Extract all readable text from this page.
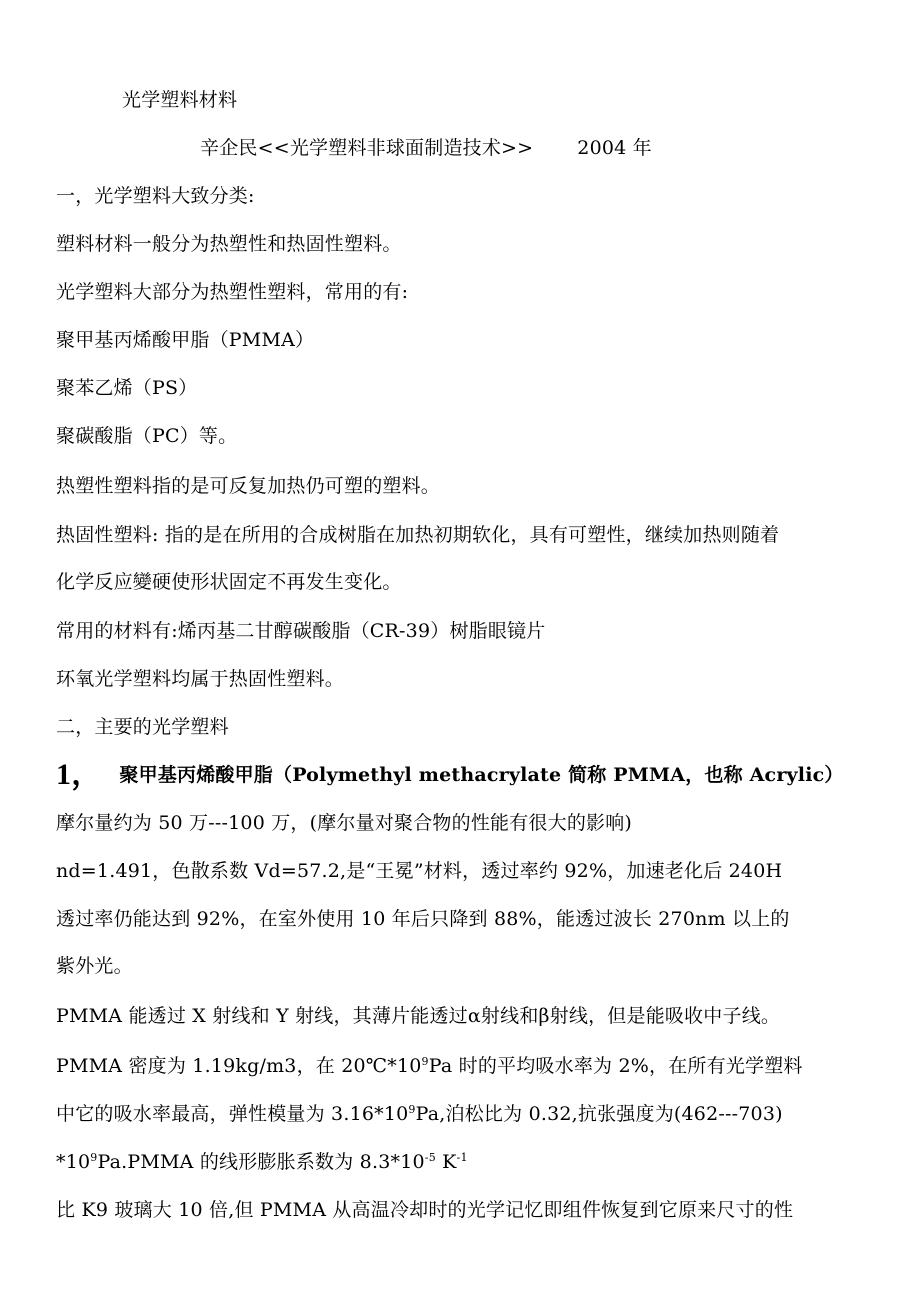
光学塑料材料
辛企民<<光学塑料非球面制造技术>> 2004 年
一，光学塑料大致分类:
塑料材料一般分为热塑性和热固性塑料。
光学塑料大部分为热塑性塑料，常用的有:
聚甲基丙烯酸甲脂（PMMA）
聚苯乙烯（PS）
聚碳酸脂（PC）等。
热塑性塑料指的是可反复加热仍可塑的塑料。
热固性塑料: 指的是在所用的合成树脂在加热初期软化，具有可塑性，继续加热则随着
化学反应變硬使形状固定不再发生变化。
常用的材料有:烯丙基二甘醇碳酸脂（CR-39）树脂眼镜片
环氧光学塑料均属于热固性塑料。
二，主要的光学塑料
1， 聚甲基丙烯酸甲脂（Polymethyl methacrylate 简称 PMMA，也称 Acrylic）
摩尔量约为 50 万---100 万，(摩尔量对聚合物的性能有很大的影响)
nd=1.491，色散系数 Vd=57.2,是“王冕”材料，透过率约 92%，加速老化后 240H
透过率仍能达到 92%，在室外使用 10 年后只降到 88%，能透过波长 270nm 以上的
紫外光。
PMMA 能透过 X 射线和 Y 射线，其薄片能透过α射线和β射线，但是能吸收中子线。
PMMA 密度为 1.19kg/m3，在 $20℃*10^9Pa$ 时的平均吸水率为 2%，在所有光学塑料
中它的吸水率最高，弹性模量为 $3.16*10^9Pa$,泊松比为 0.32,抗张强度为(462---703)
$*10^9Pa.PMMA$ 的线形膨胀系数为 $8.3*10^{-5}$ $K^{-1}$
比 K9 玻璃大 10 倍,但 PMMA 从高温冷却时的光学记忆即组件恢复到它原来尺寸的性
